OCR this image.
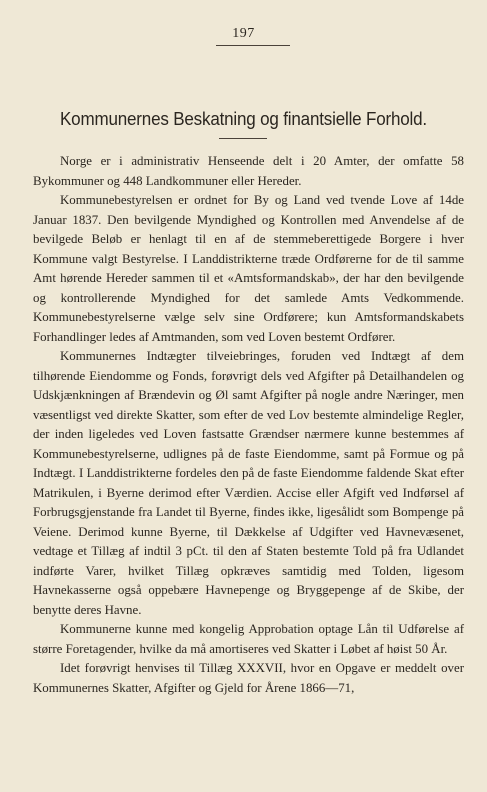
197
Kommunernes Beskatning og finantsielle Forhold.

Norge er i administrativ Henseende delt i 20 Amter, der omfatte 58 Bykommuner og 448 Landkommuner eller Hereder.

Kommunebestyrelsen er ordnet for By og Land ved tvende Love af 14de Januar 1837. Den bevilgende Myndighed og Kontrollen med Anvendelse af de bevilgede Beløb er henlagt til en af de stemmeberettigede Borgere i hver Kommune valgt Bestyrelse. I Landdistrikterne træde Ordførerne for de til samme Amt hørende Hereder sammen til et «Amtsformandskab», der har den bevilgende og kontrollerende Myndighed for det samlede Amts Vedkommende. Kommunebestyrelserne vælge selv sine Ordførere; kun Amtsformandskabets Forhandlinger ledes af Amtmanden, som ved Loven bestemt Ordfører.

Kommunernes Indtægter tilveiebringes, foruden ved Indtægt af dem tilhørende Eiendomme og Fonds, forøvrigt dels ved Afgifter på Detailhandelen og Udskjænkningen af Brændevin og Øl samt Afgifter på nogle andre Næringer, men væsentligst ved direkte Skatter, som efter de ved Lov bestemte almindelige Regler, der inden ligeledes ved Loven fastsatte Grændser nærmere kunne bestemmes af Kommunebestyrelserne, udlignes på de faste Eiendomme, samt på Formue og på Indtægt. I Landdistrikterne fordeles den på de faste Eiendomme faldende Skat efter Matrikulen, i Byerne derimod efter Værdien. Accise eller Afgift ved Indførsel af Forbrugsgjenstande fra Landet til Byerne, findes ikke, ligesålidt som Bompenge på Veiene. Derimod kunne Byerne, til Dækkelse af Udgifter ved Havnevæsenet, vedtage et Tillæg af indtil 3 pCt. til den af Staten bestemte Told på fra Udlandet indførte Varer, hvilket Tillæg opkræves samtidig med Tolden, ligesom Havnekasserne også oppebære Havnepenge og Bryggepenge af de Skibe, der benytte deres Havne.

Kommunerne kunne med kongelig Approbation optage Lån til Udførelse af større Foretagender, hvilke da må amortiseres ved Skatter i Løbet af høist 50 År.

Idet forøvrigt henvises til Tillæg XXXVII, hvor en Opgave er meddelt over Kommunernes Skatter, Afgifter og Gjeld for Årene 1866—71,
